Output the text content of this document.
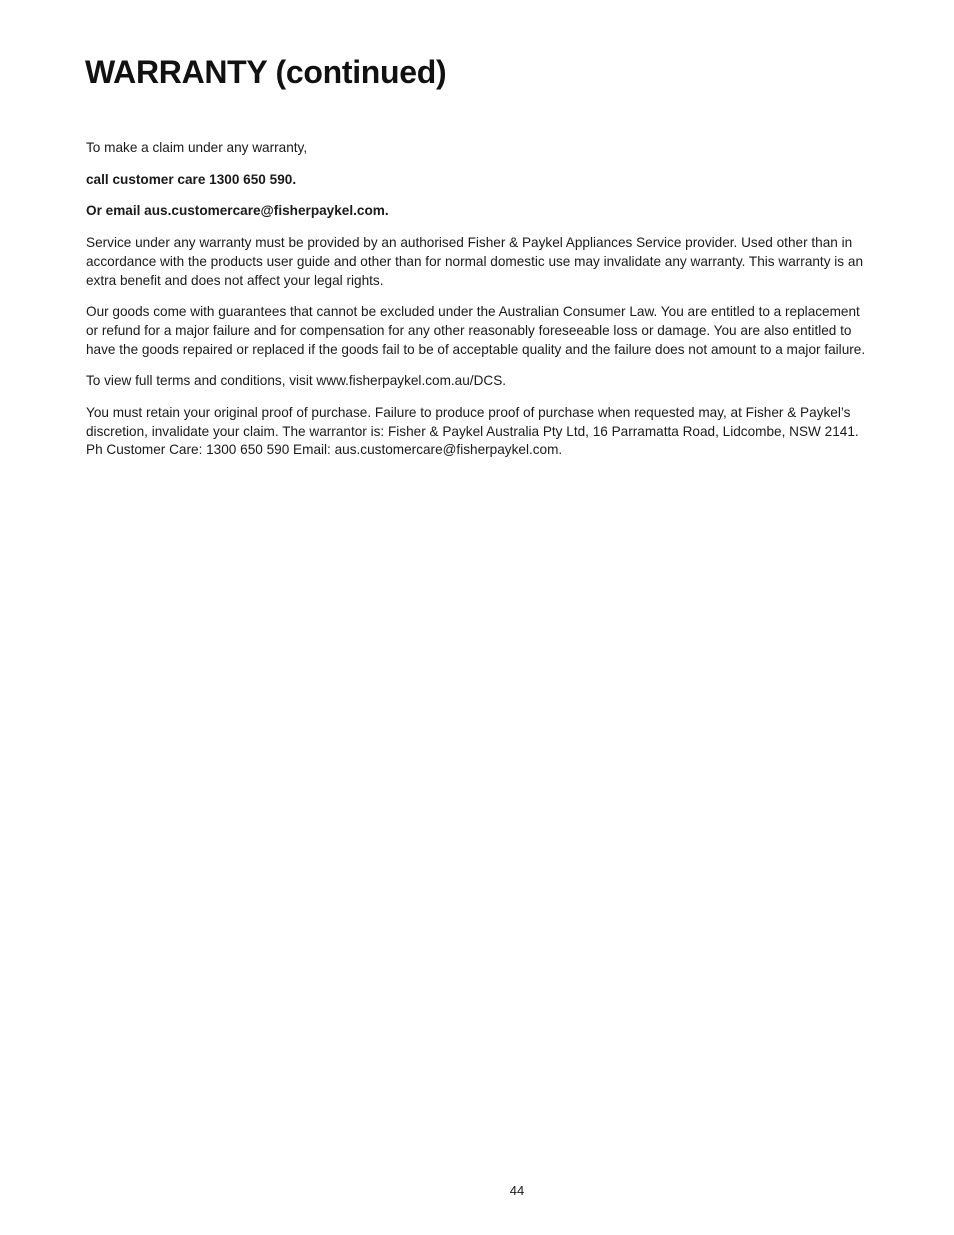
WARRANTY (continued)

To make a claim under any warranty,

call customer care 1300 650 590.

Or email aus.customercare@fisherpaykel.com.

Service under any warranty must be provided by an authorised Fisher & Paykel Appliances Service provider. Used other than in accordance with the products user guide and other than for normal domestic use may invalidate any warranty. This warranty is an extra benefit and does not affect your legal rights.

Our goods come with guarantees that cannot be excluded under the Australian Consumer Law. You are entitled to a replacement or refund for a major failure and for compensation for any other reasonably foreseeable loss or damage. You are also entitled to have the goods repaired or replaced if the goods fail to be of acceptable quality and the failure does not amount to a major failure.

To view full terms and conditions, visit www.fisherpaykel.com.au/DCS.

You must retain your original proof of purchase. Failure to produce proof of purchase when requested may, at Fisher & Paykel’s discretion, invalidate your claim. The warrantor is: Fisher & Paykel Australia Pty Ltd, 16 Parramatta Road, Lidcombe, NSW 2141. Ph Customer Care: 1300 650 590 Email: aus.customercare@fisherpaykel.com.

44
